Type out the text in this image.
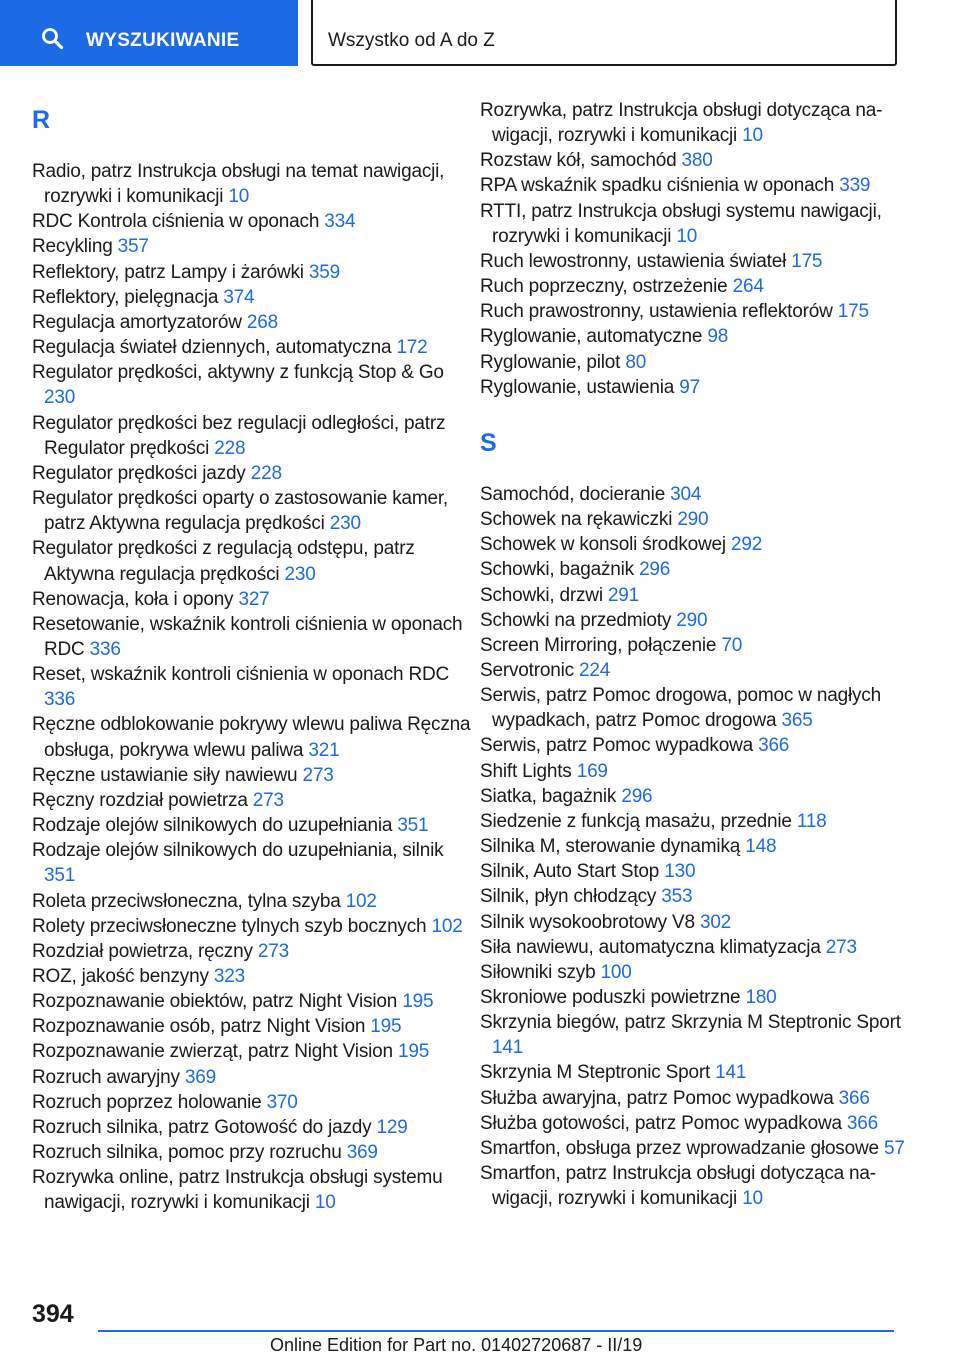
WYSZUKIWANIE	Wszystko od A do Z
R
Radio, patrz Instrukcja obsługi na temat nawigacji, rozrywki i komunikacji 10
RDC Kontrola ciśnienia w oponach 334
Recykling 357
Reflektory, patrz Lampy i żarówki 359
Reflektory, pielęgnacja 374
Regulacja amortyzatorów 268
Regulacja świateł dziennych, automatyczna 172
Regulator prędkości, aktywny z funkcją Stop & Go 230
Regulator prędkości bez regulacji odległości, patrz Regulator prędkości 228
Regulator prędkości jazdy 228
Regulator prędkości oparty o zastosowanie kamer, patrz Aktywna regulacja prędkości 230
Regulator prędkości z regulacją odstępu, patrz Aktywna regulacja prędkości 230
Renowacja, koła i opony 327
Resetowanie, wskaźnik kontroli ciśnienia w oponach RDC 336
Reset, wskaźnik kontroli ciśnienia w oponach RDC 336
Ręczne odblokowanie pokrywy wlewu paliwa Ręczna obsługa, pokrywa wlewu paliwa 321
Ręczne ustawianie siły nawiewu 273
Ręczny rozdział powietrza 273
Rodzaje olejów silnikowych do uzupełniania 351
Rodzaje olejów silnikowych do uzupełniania, silnik 351
Roleta przeciwsłoneczna, tylna szyba 102
Rolety przeciwsłoneczne tylnych szyb bocznych 102
Rozdział powietrza, ręczny 273
ROZ, jakość benzyny 323
Rozpoznawanie obiektów, patrz Night Vision 195
Rozpoznawanie osób, patrz Night Vision 195
Rozpoznawanie zwierząt, patrz Night Vision 195
Rozruch awaryjny 369
Rozruch poprzez holowanie 370
Rozruch silnika, patrz Gotowość do jazdy 129
Rozruch silnika, pomoc przy rozruchu 369
Rozrywka online, patrz Instrukcja obsługi systemu nawigacji, rozrywki i komunikacji 10
Rozrywka, patrz Instrukcja obsługi dotycząca nawigacji, rozrywki i komunikacji 10
Rozstaw kół, samochód 380
RPA wskaźnik spadku ciśnienia w oponach 339
RTTI, patrz Instrukcja obsługi systemu nawigacji, rozrywki i komunikacji 10
Ruch lewostronny, ustawienia świateł 175
Ruch poprzeczny, ostrzeżenie 264
Ruch prawostronny, ustawienia reflektorów 175
Ryglowanie, automatyczne 98
Ryglowanie, pilot 80
Ryglowanie, ustawienia 97
S
Samochód, docieranie 304
Schowek na rękawiczki 290
Schowek w konsoli środkowej 292
Schowki, bagażnik 296
Schowki, drzwi 291
Schowki na przedmioty 290
Screen Mirroring, połączenie 70
Servotronic 224
Serwis, patrz Pomoc drogowa, pomoc w nagłych wypadkach, patrz Pomoc drogowa 365
Serwis, patrz Pomoc wypadkowa 366
Shift Lights 169
Siatka, bagażnik 296
Siedzenie z funkcją masażu, przednie 118
Silnika M, sterowanie dynamiką 148
Silnik, Auto Start Stop 130
Silnik, płyn chłodzący 353
Silnik wysokoobrotowy V8 302
Siła nawiewu, automatyczna klimatyzacja 273
Siłowniki szyb 100
Skroniowe poduszki powietrzne 180
Skrzynia biegów, patrz Skrzynia M Steptronic Sport 141
Skrzynia M Steptronic Sport 141
Służba awaryjna, patrz Pomoc wypadkowa 366
Służba gotowości, patrz Pomoc wypadkowa 366
Smartfon, obsługa przez wprowadzanie głosowe 57
Smartfon, patrz Instrukcja obsługi dotycząca nawigacji, rozrywki i komunikacji 10
394
Online Edition for Part no. 01402720687 - II/19
